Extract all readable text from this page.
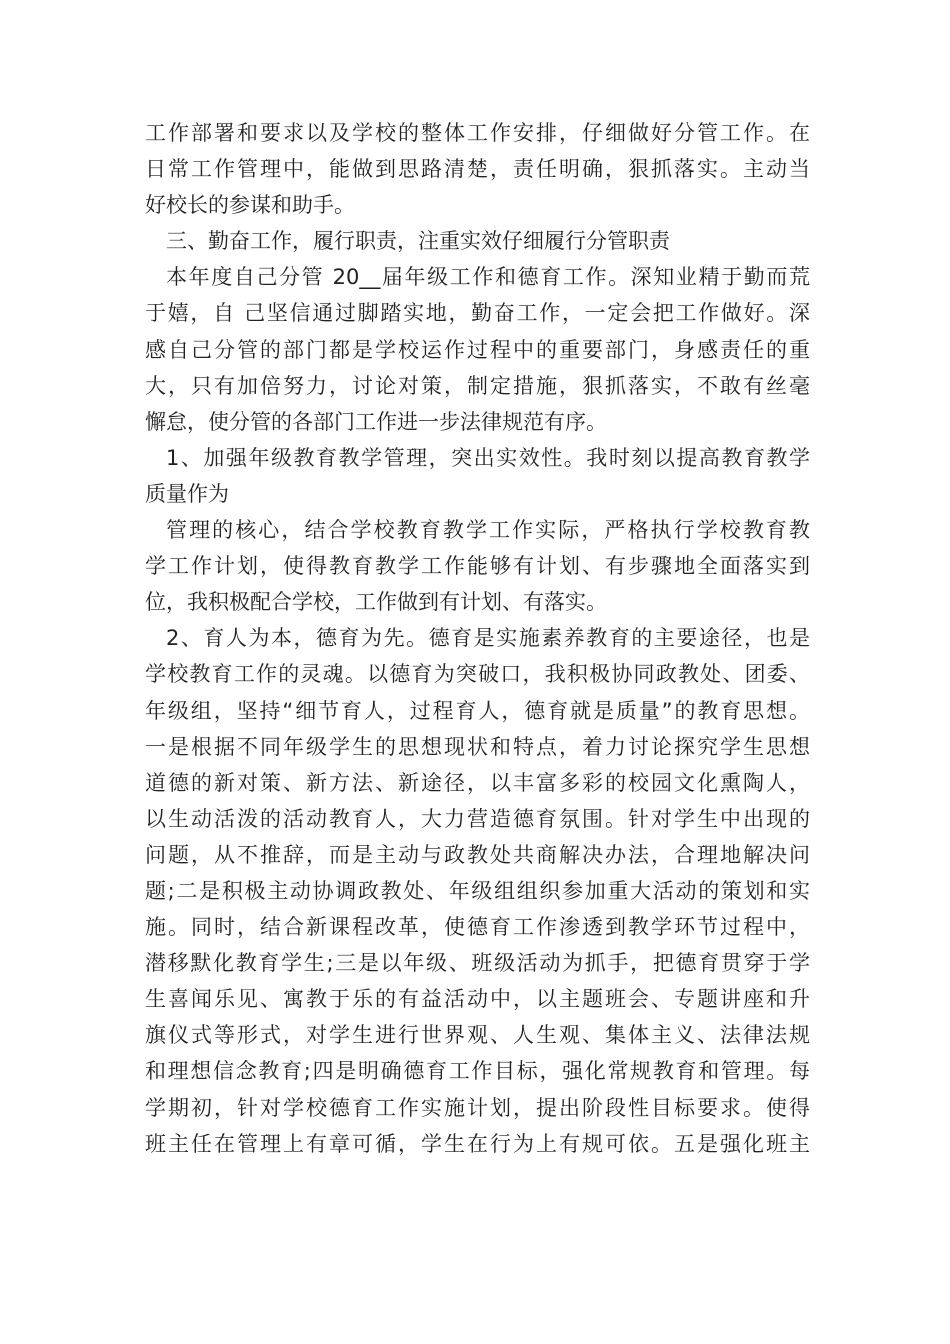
工作部署和要求以及学校的整体工作安排，仔细做好分管工作。在
日常工作管理中，能做到思路清楚，责任明确，狠抓落实。主动当
好校长的参谋和助手。
三、勤奋工作，履行职责，注重实效仔细履行分管职责
本年度自己分管 20__届年级工作和德育工作。深知业精于勤而荒
于嬉，自 己坚信通过脚踏实地，勤奋工作，一定会把工作做好。深
感自己分管的部门都是学校运作过程中的重要部门，身感责任的重
大，只有加倍努力，讨论对策，制定措施，狠抓落实，不敢有丝毫
懈怠，使分管的各部门工作进一步法律规范有序。
1、加强年级教育教学管理，突出实效性。我时刻以提高教育教学
质量作为
管理的核心，结合学校教育教学工作实际，严格执行学校教育教
学工作计划，使得教育教学工作能够有计划、有步骤地全面落实到
位，我积极配合学校，工作做到有计划、有落实。
2、育人为本，德育为先。德育是实施素养教育的主要途径，也是
学校教育工作的灵魂。以德育为突破口，我积极协同政教处、团委、
年级组，坚持“细节育人，过程育人，德育就是质量”的教育思想。
一是根据不同年级学生的思想现状和特点，着力讨论探究学生思想
道德的新对策、新方法、新途径，以丰富多彩的校园文化熏陶人，
以生动活泼的活动教育人，大力营造德育氛围。针对学生中出现的
问题，从不推辞，而是主动与政教处共商解决办法，合理地解决问
题;二是积极主动协调政教处、年级组组织参加重大活动的策划和实
施。同时，结合新课程改革，使德育工作渗透到教学环节过程中，
潜移默化教育学生;三是以年级、班级活动为抓手，把德育贯穿于学
生喜闻乐见、寓教于乐的有益活动中，以主题班会、专题讲座和升
旗仪式等形式，对学生进行世界观、人生观、集体主义、法律法规
和理想信念教育;四是明确德育工作目标，强化常规教育和管理。每
学期初，针对学校德育工作实施计划，提出阶段性目标要求。使得
班主任在管理上有章可循，学生在行为上有规可依。五是强化班主
